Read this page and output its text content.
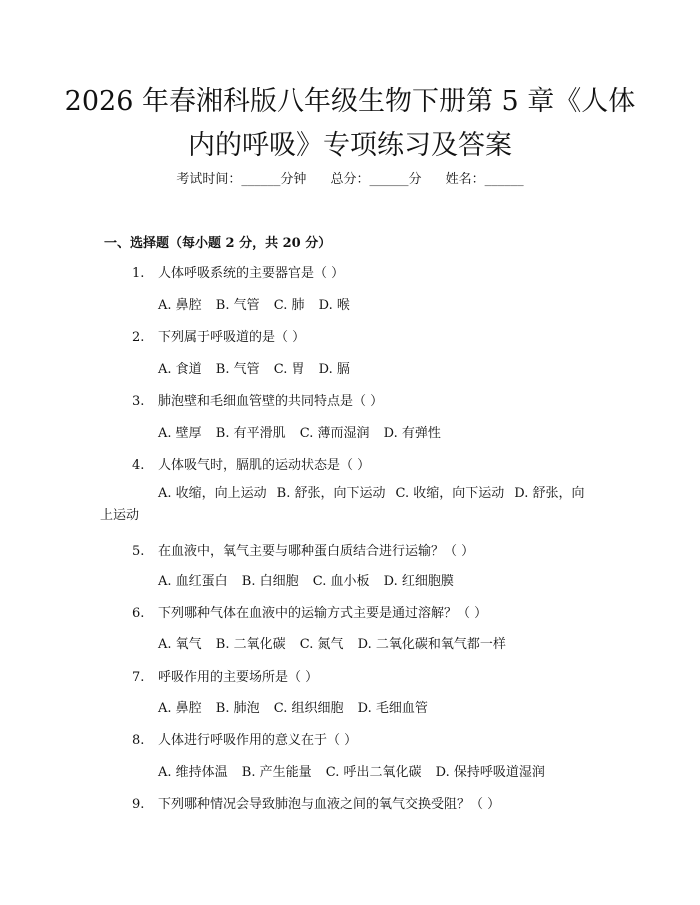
2026 年春湘科版八年级生物下册第 5 章《人体内的呼吸》专项练习及答案
考试时间：______分钟 总分：______分 姓名：______
一、选择题（每小题 2 分，共 20 分）
1. 人体呼吸系统的主要器官是（ ）
A. 鼻腔 B. 气管 C. 肺 D. 喉
2. 下列属于呼吸道的是（ ）
A. 食道 B. 气管 C. 胃 D. 膈
3. 肺泡壁和毛细血管壁的共同特点是（ ）
A. 壁厚 B. 有平滑肌 C. 薄而湿润 D. 有弹性
4. 人体吸气时，膈肌的运动状态是（ ）
A. 收缩，向上运动 B. 舒张，向下运动 C. 收缩，向下运动 D. 舒张，向上运动
5. 在血液中，氧气主要与哪种蛋白质结合进行运输？（ ）
A. 血红蛋白 B. 白细胞 C. 血小板 D. 红细胞膜
6. 下列哪种气体在血液中的运输方式主要是通过溶解？（ ）
A. 氧气 B. 二氧化碳 C. 氮气 D. 二氧化碳和氧气都一样
7. 呼吸作用的主要场所是（ ）
A. 鼻腔 B. 肺泡 C. 组织细胞 D. 毛细血管
8. 人体进行呼吸作用的意义在于（ ）
A. 维持体温 B. 产生能量 C. 呼出二氧化碳 D. 保持呼吸道湿润
9. 下列哪种情况会导致肺泡与血液之间的氧气交换受阻？（ ）
